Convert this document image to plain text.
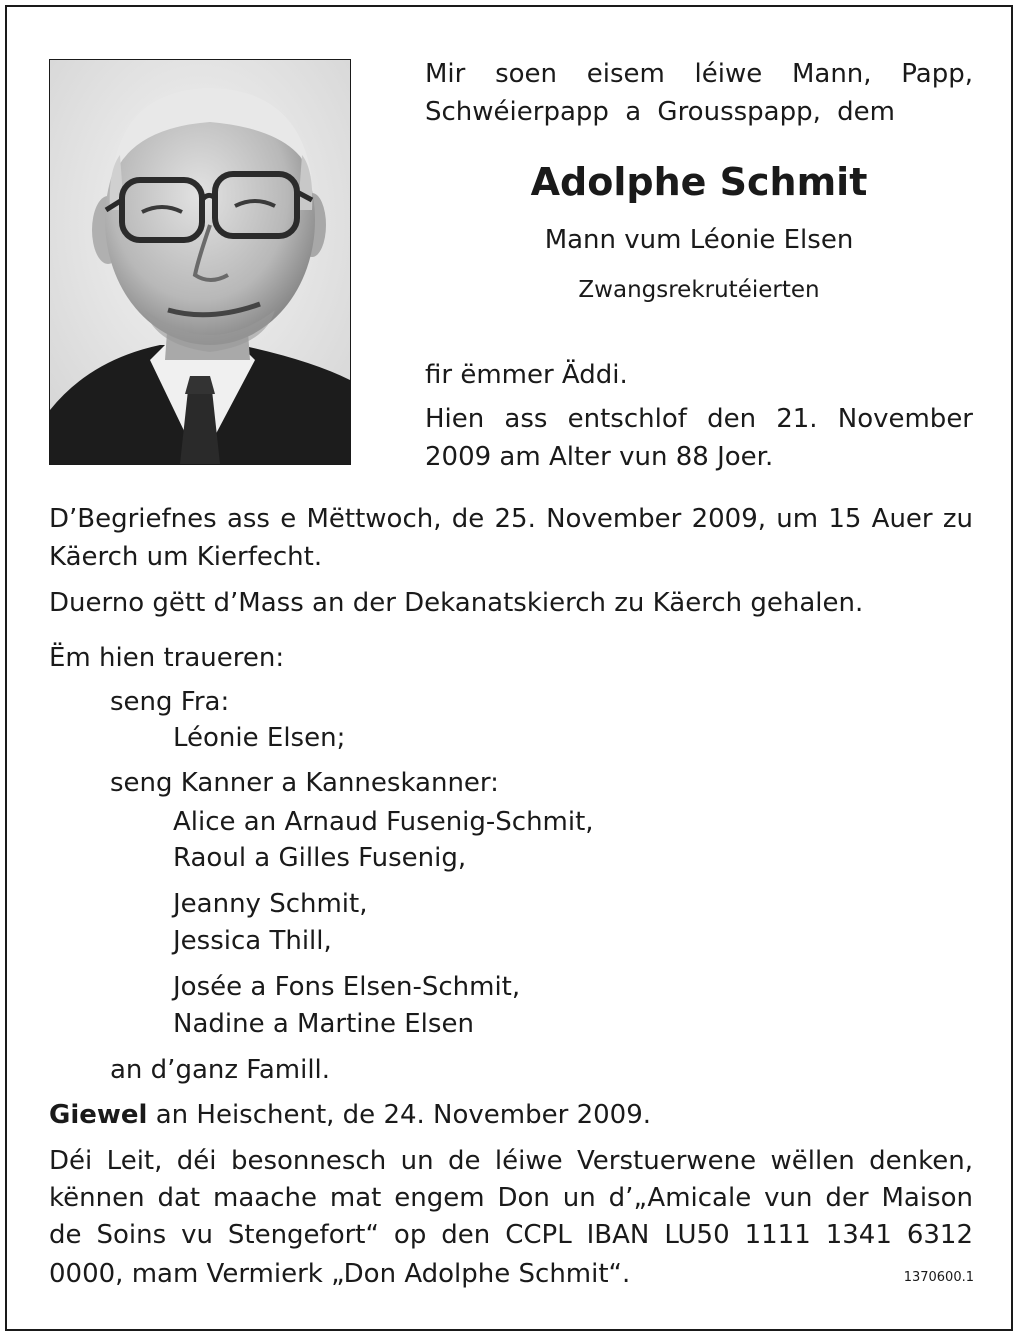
Mir soen eisem léiwe Mann, Papp,
Schwéierpapp a Grousspapp, dem
Adolphe Schmit
Mann vum Léonie Elsen
Zwangsrekrutéierten
fir ëmmer Äddi.
Hien ass entschlof den 21. November
2009 am Alter vun 88 Joer.
D’Begriefnes ass e Mëttwoch, de 25. November 2009, um 15 Auer zu
Käerch um Kierfecht.
Duerno gëtt d’Mass an der Dekanatskierch zu Käerch gehalen.
Ëm hien traueren:
seng Fra:
Léonie Elsen;
seng Kanner a Kanneskanner:
Alice an Arnaud Fusenig-Schmit,
Raoul a Gilles Fusenig,
Jeanny Schmit,
Jessica Thill,
Josée a Fons Elsen-Schmit,
Nadine a Martine Elsen
an d’ganz Famill.
Giewel an Heischent, de 24. November 2009.
Déi Leit, déi besonnesch un de léiwe Verstuerwene wëllen denken,
kënnen dat maache mat engem Don un d’„Amicale vun der Maison
de Soins vu Stengefort“ op den CCPL IBAN LU50 1111 1341 6312
0000, mam Vermierk „Don Adolphe Schmit“.	1370600.1
